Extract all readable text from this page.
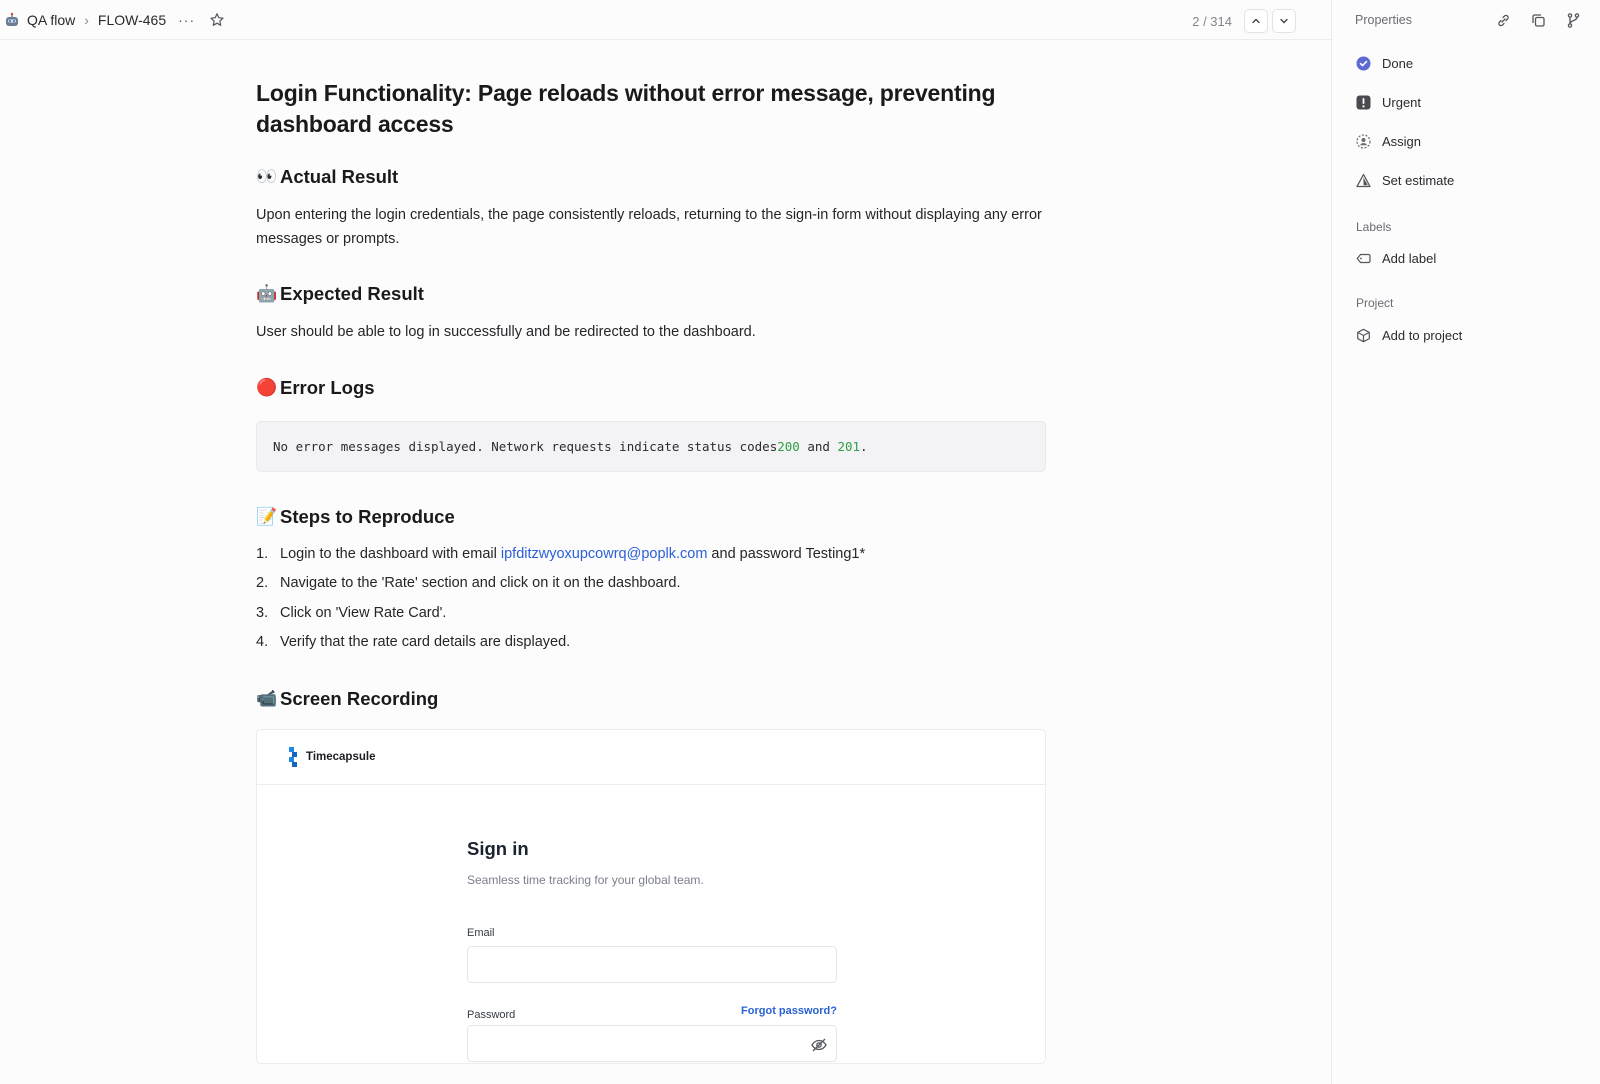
QA flow › FLOW-465 ···	2 / 314
Login Functionality: Page reloads without error message, preventing dashboard access
👀 Actual Result

Upon entering the login credentials, the page consistently reloads, returning to the sign-in form without displaying any error messages or prompts.

🤖 Expected Result

User should be able to log in successfully and be redirected to the dashboard.

🔴 Error Logs
No error messages displayed. Network requests indicate status codes 200 and 201 .
📝 Steps to Reproduce
1. Login to the dashboard with email ipfditzwyoxupcowrq@poplk.com and password Testing1*
2. Navigate to the 'Rate' section and click on it on the dashboard.
3. Click on 'View Rate Card'.
4. Verify that the rate card details are displayed.
📹 Screen Recording
Timecapsule
Sign in
Seamless time tracking for your global team.
Email
Password	Forgot password?
Properties
Done
Urgent
Assign
Set estimate
Labels
Add label
Project
Add to project
